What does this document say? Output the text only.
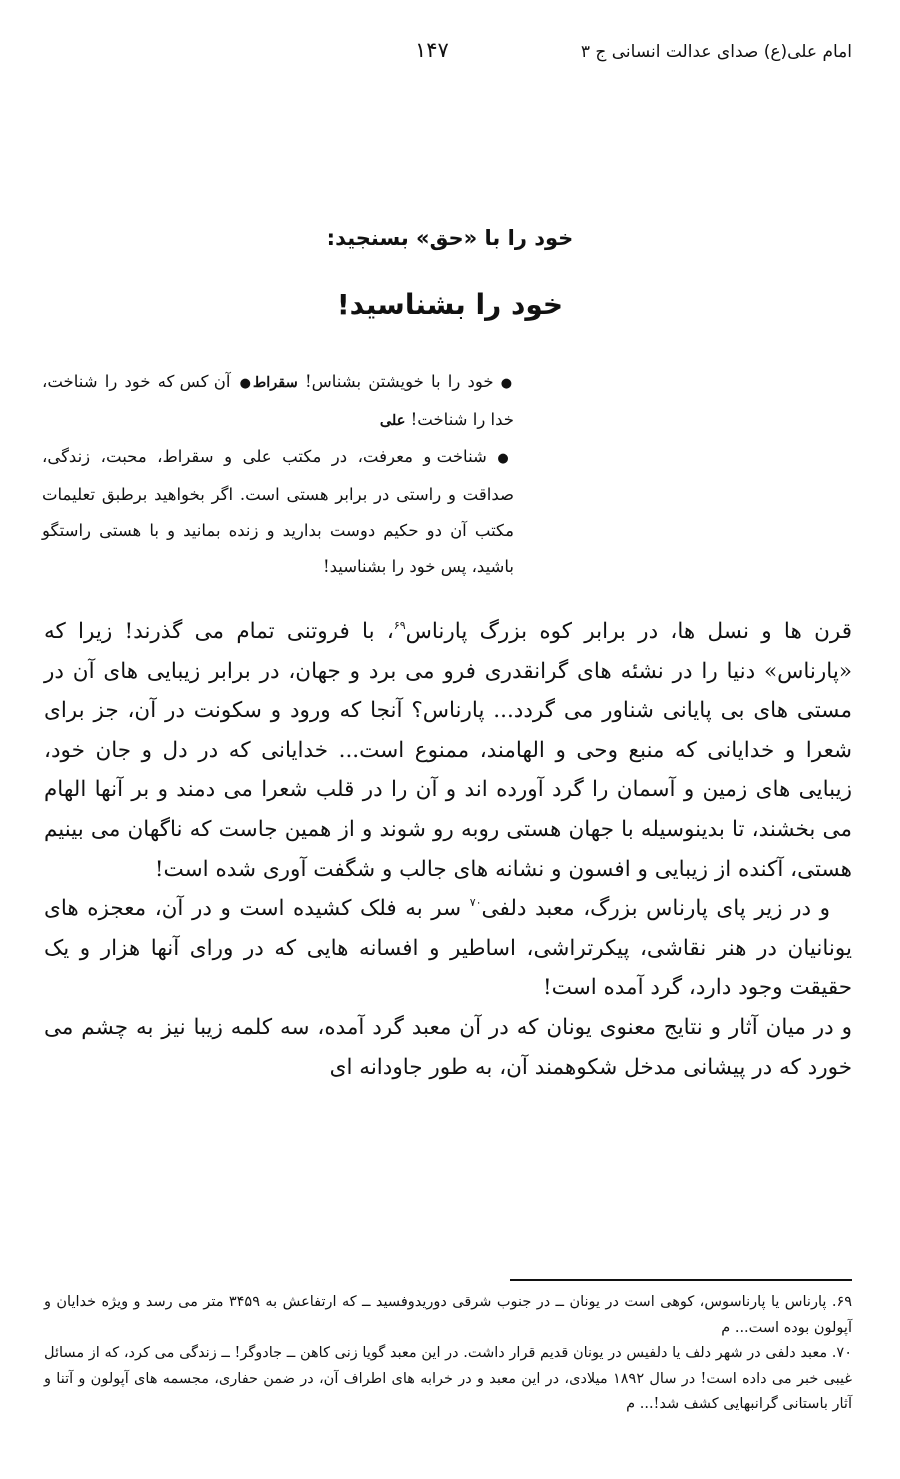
امام علی(ع) صدای عدالت انسانی ج ۳
۱۴۷
خود را با «حق» بسنجید:
خود را بشناسید!

● خود را با خویشتن بشناس! سقراط● آن کس که خود را شناخت، خدا را شناخت! علی

● شناخت و معرفت، در مکتب علی و سقراط، محبت، زندگی، صداقت و راستی در برابر هستی است. اگر بخواهید برطبق تعلیمات مکتب آن دو حکیم دوست بدارید و زنده بمانید و با هستی راستگو باشید، پس خود را بشناسید!

قرن ها و نسل ها، در برابر کوه بزرگ پارناس$^{۶۹}$، با فروتنی تمام می گذرند! زیرا که «پارناس» دنیا را در نشئه های گرانقدری فرو می برد و جهان، در برابر زیبایی های آن در مستی های بی پایانی شناور می گردد... پارناس؟ آنجا که ورود و سکونت در آن، جز برای شعرا و خدایانی که منبع وحی و الهامند، ممنوع است... خدایانی که در دل و جان خود، زیبایی های زمین و آسمان را گرد آورده اند و آن را در قلب شعرا می دمند و بر آنها الهام می بخشند، تا بدینوسیله با جهان هستی روبه رو شوند و از همین جاست که ناگهان می بینیم هستی، آکنده از زیبایی و افسون و نشانه های جالب و شگفت آوری شده است!

و در زیر پای پارناس بزرگ، معبد دلفی$^{۷۰}$ سر به فلک کشیده است و در آن، معجزه های یونانیان در هنر نقاشی، پیکرتراشی، اساطیر و افسانه هایی که در ورای آنها هزار و یک حقیقت وجود دارد، گرد آمده است!

و در میان آثار و نتایج معنوی یونان که در آن معبد گرد آمده، سه کلمه زیبا نیز به چشم می خورد که در پیشانی مدخل شکوهمند آن، به طور جاودانه ای

۶۹. پارناس یا پارناسوس، کوهی است در یونان ــ در جنوب شرقی دوریدوفسید ــ که ارتفاعش به ۳۴۵۹ متر می رسد و ویژه خدایان و آپولون بوده است... م

۷۰. معبد دلفی در شهر دلف یا دلفیس در یونان قدیم قرار داشت. در این معبد گویا زنی کاهن ــ جادوگر! ــ زندگی می کرد، که از مسائل غیبی خبر می داده است! در سال ۱۸۹۲ میلادی، در این معبد و در خرابه های اطراف آن، در ضمن حفاری، مجسمه های آپولون و آتنا و آثار باستانی گرانبهایی کشف شد!... م
